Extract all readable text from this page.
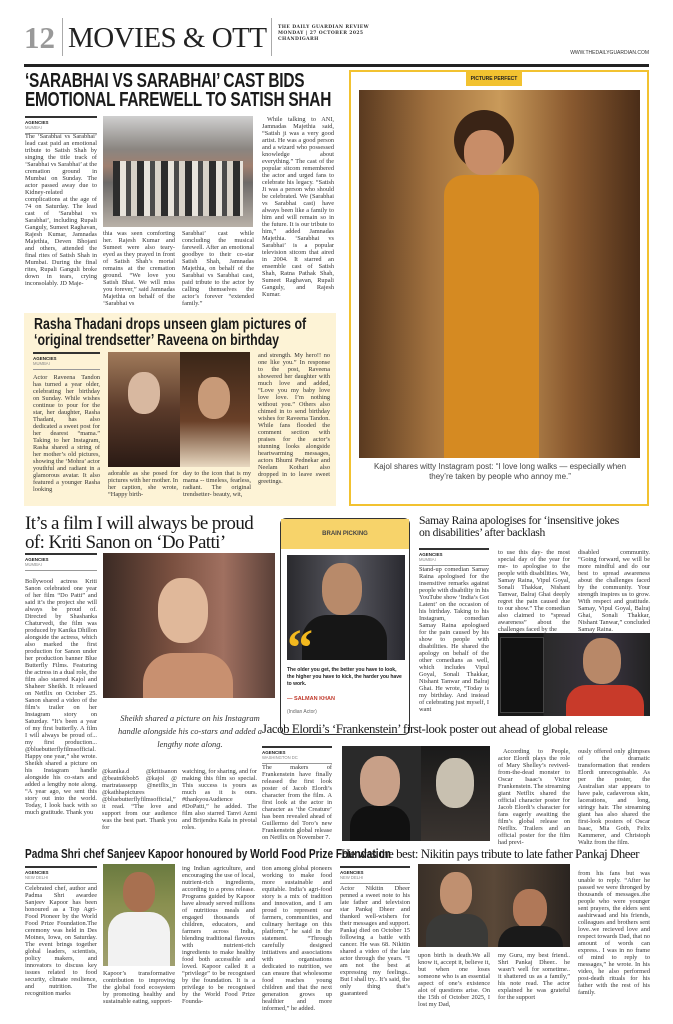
12 MOVIES & OTT	THE DAILY GUARDIAN REVIEW
MONDAY | 27 OCTOBER 2025
CHANDIGARH
WWW.THEDAILYGUARDIAN.COM
‘SARABHAI VS SARABHAI’ CAST BIDS
EMOTIONAL FAREWELL TO SATISH SHAH
AGENCIES
MUMBAI

The ‘Sarabhai vs Sarabhai’ lead cast paid an emotional tribute to Satish Shah by singing the title track of ‘Sarabhai vs Sarabhai’ at the cremation ground in Mumbai on Sunday. The actor passed away due to Kidney-related complications at the age of 74 on Saturday. The lead cast of ‘Sarabhai vs Sarabhai’, including Rupali Ganguly, Sumeet Raghavan, Rajesh Kumar, Jamnadas Majethia, Deven Bhojani and others, attended the final rites of Satish Shah in Mumbai. During the final rites, Rupali Ganguli broke down in tears, crying inconsolably. JD Maje-

thia was seen comforting her. Rajesh Kumar and Sumeet were also teary-eyed as they prayed in front of Satish Shah’s mortal remains at the cremation ground. “We love you Satish Bhai. We will miss you forever,” said Jamnadas Majethia on behalf of the ‘Sarabhai vs

Sarabhai’ cast while concluding the musical farewell. After an emotional goodbye to their co-star Satish Shah, Jamnadas Majethia, on behalf of the Sarabhai vs Sarabhai cast, paid tribute to the actor by calling themselves the actor’s forever “extended family.”

While talking to ANI, Jamnadas Majethia said, “Satish ji was a very good artist. He was a good person and a wizard who possessed knowledge about everything.” The cast of the popular sitcom remembered the actor and urged fans to celebrate his legacy. “Satish Ji was a person who should be celebrated. We (Sarabhai vs Sarabhai cast) have always been like a family to him and will remain so in the future. It is our tribute to him,” added Jamnadas Majethia. ‘Sarabhai vs Sarabhai’ is a popular television sitcom that aired in 2004. It starred an ensemble cast of Satish Shah, Ratna Pathak Shah, Sumeet Raghavan, Rupali Ganguly, and Rajesh Kumar.

PICTURE PERFECT
Kajol shares witty Instagram post: “I love long walks — especially when they’re taken by people who annoy me.”
Rasha Thadani drops unseen glam pictures of
‘original trendsetter’ Raveena on birthday
AGENCIES
MUMBAI

Actor Raveena Tandon has turned a year older, celebrating her birthday on Sunday. While wishes continue to pour for the star, her daughter, Rasha Thadani, has also dedicated a sweet post for her dearest “mama.” Taking to her Instagram, Rasha shared a string of her mother’s old pictures, showing the ‘Mohra’ actor youthful and radiant in a glamorous avatar. It also featured a younger Rasha looking

adorable as she posed for pictures with her mother. In her caption, she wrote, “Happy birth-

day to the icon that is my mama -- timeless, fearless, radiant. The original trendsetter- beauty, wit,

and strength. My hero!! no one like you.” In response to the post, Raveena showered her daughter with much love and added, “Love you my baby love love love. I’m nothing without you.” Others also chimed in to send birthday wishes for Raveena Tandon. While fans flooded the comment section with praises for the actor’s stunning looks alongside heartwarming messages, actors Bhumi Pednekar and Neelam Kothari also dropped in to leave sweet greetings.

It’s a film I will always be proud
of: Kriti Sanon on ‘Do Patti’
AGENCIES
MUMBAI

Bollywood actress Kriti Sanon celebrated one year of her film “Do Patti” and said it’s the project she will always be proud of. Directed by Shashanka Chaturvedi, the film was produced by Kanika Dhillon alongside the actress, which also marked the first production for Sanon under her production banner Blue Butterfly Films. Featuring the actress in a dual role, the film also starred Kajol and Shaheer Sheikh. It released on Netflix on October 25. Sanon shared a video of the film’s trailer on her Instagram story on Saturday. “It’s been a year of my first butterfly. A film I will always be proud of... my first production... @bluebutterflyfilmsofficial. Happy one year,” she wrote. Sheikh shared a picture on his Instagram handle alongside his co-stars and added a lengthy note along. “A year ago, we sent this story out into the world. Today, I look back with so much gratitude. Thank you

Sheikh shared a picture on his Instagram handle alongside his co-stars and added a lengthy note along.

@kanika.d @kritisanon @beatnikbob5 @kajol @ martratassepp @netflix_in @kathhapictures @bluebutterflyfilmsofficial,” it read. “The love and support from our audience was the best part. Thank you for

watching, for sharing, and for making this film so special. This success is yours as much as it is ours. #thankyouAudience #DoPatti,” he added. The film also starred Tanvi Azmi and Brijendra Kala in pivotal roles.

BRAIN PICKING
“
The older you get, the better you have to look, the higher you have to kick, the harder you have to work.
— SALMAN KHAN
(Indian Actor)
Samay Raina apologises for ‘insensitive jokes
on disabilities’ after backlash
AGENCIES
MUMBAI

Stand-up comedian Samay Raina apologised for the insensitive remarks against people with disability in his YouTube show ‘India’s Got Latent’ on the occasion of his birthday. Taking to his Instagram, comedian Samay Raina apologised for the pain caused by his show to people with disabilities. He shared the apology on behalf of the other comedians as well, which includes Vipul Goyal, Sonali Thakkar, Nishant Tanwar and Balraj Ghai. He wrote, “Today is my birthday. And instead of celebrating just myself, I want

to use this day- the most special day of the year for me- to apologise to the people with disabilities. We, Samay Raina, Vipul Goyal, Sonali Thakkar, Nishant Tanwar, Balraj Ghai deeply regret the pain caused due to our show.” The comedian also claimed to “spread awareness” about the challenges faced by the

disabled community. “Going forward, we will be more mindful and do our best to spread awareness about the challenges faced by the community. Your strength inspires us to grow. With respect and gratitude. Samay, Vipul Goyal, Balraj Ghai, Sonali Thakkar, Nishant Tanwar,” concluded Samay Raina.

Jacob Elordi’s ‘Frankenstein’ first-look poster out ahead of global release
AGENCIES
WASHINGTON DC

The makers of Frankenstein have finally released the first look poster of Jacob Elordi’s character from the film. A first look at the actor in character as ‘the Creature’ has been revealed ahead of Guillermo del Toro’s new Frankenstein global release on Netflix on November 7.

According to People, actor Elordi plays the role of Mary Shelley’s revived-from-the-dead monster to Oscar Isaac’s Victor Frankenstein. The streaming giant Netflix shared the official character poster for Jacob Elordi’s character for fans eagerly awaiting the film’s global release on Netflix. Trailers and an official poster for the film had previ-

ously offered only glimpses of the dramatic transformation that renders Elordi unrecognisable. As per the poster, the Australian star appears to have pale, cadaverous skin, lacerations, and long, stringy hair. The streaming giant has also shared the first-look posters of Oscar Isaac, Mia Goth, Felix Kammerer, and Christoph Waltz from the film.

Padma Shri chef Sanjeev Kapoor honoured by World Food Prize Foundation
AGENCIES
NEW DELHI

Celebrated chef, author and Padma Shri awardee Sanjeev Kapoor has been honoured as a Top Agri-Food Pioneer by the World Food Prize Foundation.The ceremony was held in Des Moines, Iowa, on Saturday. The event brings together global leaders, scientists, policy makers, and innovators to discuss key issues related to food security, climate resilience, and nutrition. The recognition marks

Kapoor’s transformative contribution to improving the global food ecosystem by promoting healthy and sustainable eating, support-

ing Indian agriculture, and encouraging the use of local, nutrient-rich ingredients, according to a press release. Programs guided by Kapoor have already served millions of nutritious meals and engaged thousands of children, educators, and farmers across India, blending traditional flavours with nutrient-rich ingredients to make healthy food both accessible and loved. Kapoor called it a “privilege” to be recognised by the foundation. It is a privilege to be recognised by the World Food Prize Founda-

tion among global pioneers working to make food more sustainable and equitable. India’s agri-food story is a mix of tradition and innovation, and I am proud to represent our farmers, communities, and culinary heritage on this platform,” he said in the statement. “Through carefully designed initiatives and associations with organisations dedicated to nutrition, we can ensure that wholesome food reaches young children and that the next generation grows up healthier and more informed,” he added.

He was the best: Nikitin pays tribute to late father Pankaj Dheer
AGENCIES
NEW DELHI

Actor Nikitin Dheer penned a sweet note to his late father and television star Pankaj Dheer and thanked well-wishers for their messages and support. Pankaj died on October 15 following a battle with cancer. He was 68. Nikitin shared a video of the late actor through the years. “I am not the best at expressing my feelings.. But I shall try.. It’s said, the only thing that’s guaranteed

upon birth is death.We all know it, accept it, believe it, but when one loses someone who is an essential aspect of one’s existence alot of questions arise. On the 15th of October 2025, I lost my Dad,

my Guru, my best friend.. Shri Pankaj Dheer.. he wasn’t well for sometime.. it shattered us as a family,” his note read. The actor explained he was grateful for the support

from his fans but was unable to reply. “After he passed we were thronged by thousands of messages..the people who were younger sent prayers, the elders sent aashirwaad and his friends, colleagues and brothers sent love..we recieved love and respect towards Dad, that no amount of words can express.. I was in no frame of mind to reply to messages,” he wrote. In his video, he also performed post-death rituals for his father with the rest of his family.
